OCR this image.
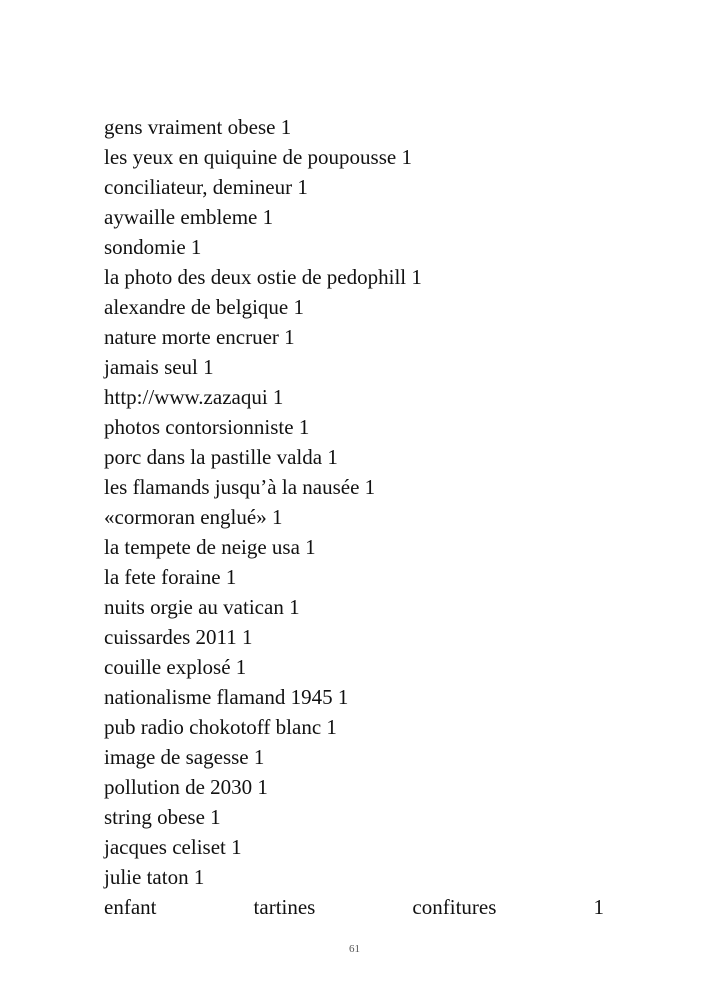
gens vraiment obese 1
les yeux en quiquine de poupousse 1
conciliateur, demineur 1
aywaille embleme 1
sondomie 1
la photo des deux ostie de pedophill 1
alexandre de belgique 1
nature morte encruer 1
jamais seul 1
http://www.zazaqui 1
photos contorsionniste 1
porc dans la pastille valda 1
les flamands jusqu’à la nausée 1
«cormoran englué» 1
la tempete de neige usa 1
la fete foraine 1
nuits orgie au vatican 1
cuissardes 2011 1
couille explosé 1
nationalisme flamand 1945 1
pub radio chokotoff blanc 1
image de sagesse 1
pollution de 2030 1
string obese 1
jacques celiset 1
julie taton 1
enfant	tartines	confitures	1
61
